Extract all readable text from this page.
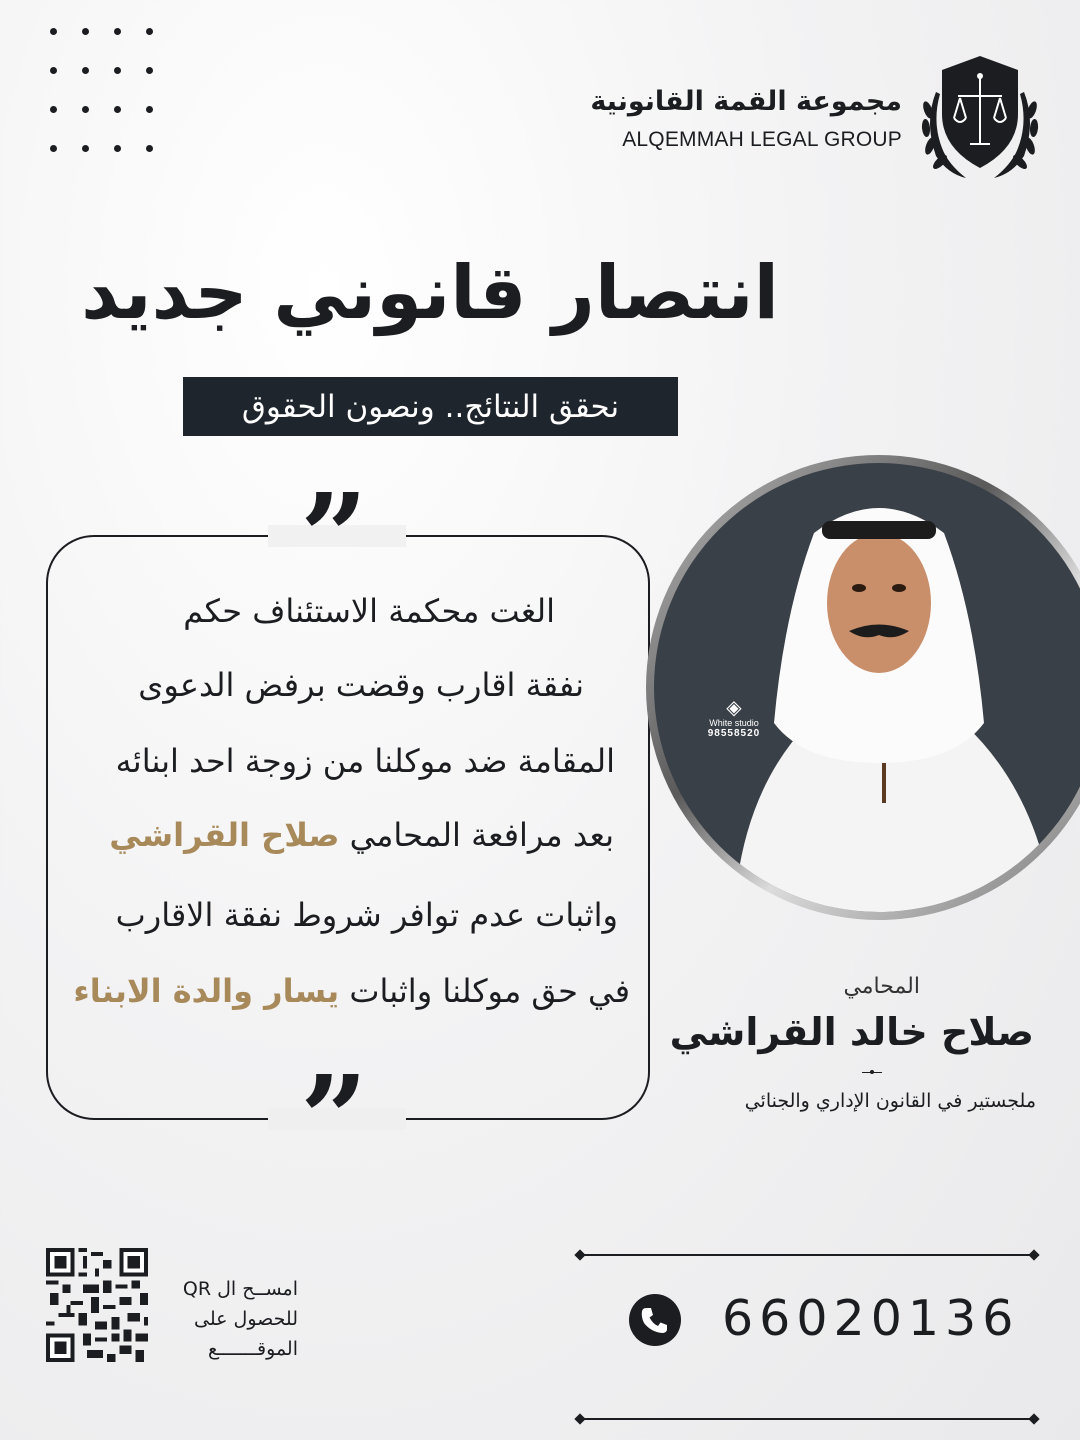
مجموعة القمة القانونية
ALQEMMAH LEGAL GROUP
انتصار قانوني جديد
نحقق النتائج.. ونصون الحقوق
”
”
الغت محكمة الاستئناف حكم
نفقة اقارب وقضت برفض الدعوى
المقامة ضد موكلنا من زوجة احد ابنائه
بعد مرافعة المحامي صلاح القراشي
واثبات عدم توافر شروط نفقة الاقارب
في حق موكلنا واثبات يسار والدة الابناء
◈
White studio
98558520
المحامي
صلاح خالد القراشي
ملجستير في القانون الإداري والجنائي
امســح ال QR
للحصول على
الموقـــــــع
66020136
